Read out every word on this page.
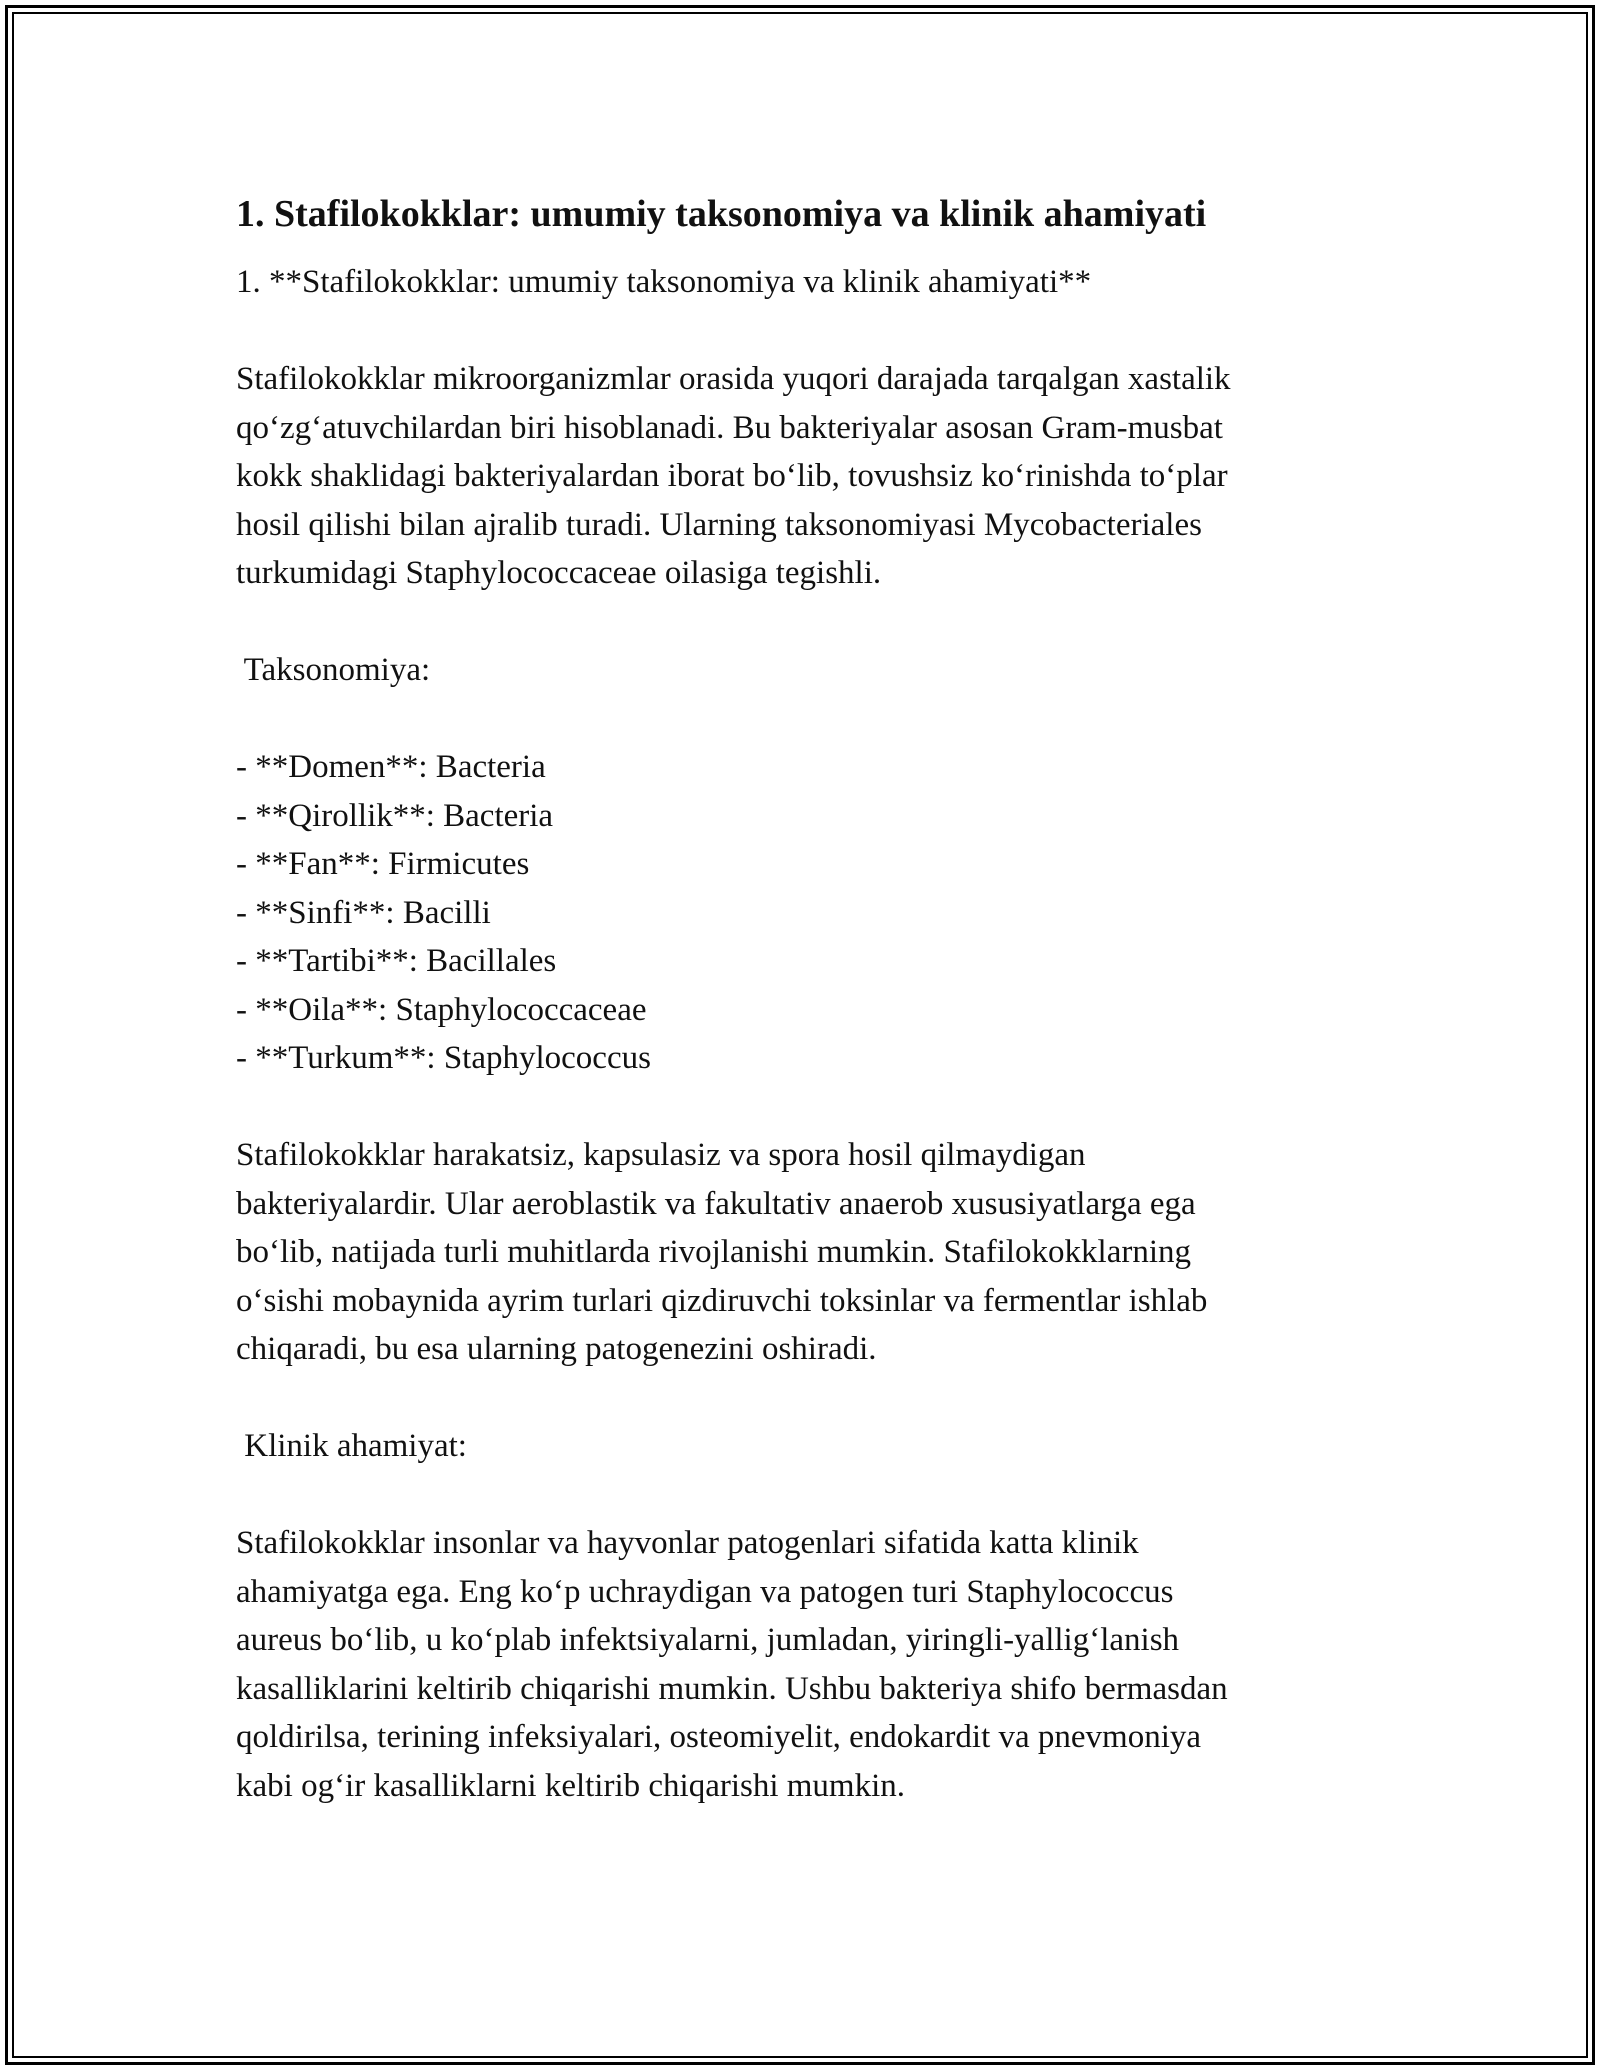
1. Stafilokokklar: umumiy taksonomiya va klinik ahamiyati

1. **Stafilokokklar: umumiy taksonomiya va klinik ahamiyati**

Stafilokokklar mikroorganizmlar orasida yuqori darajada tarqalgan xastalik

qo‘zg‘atuvchilardan biri hisoblanadi. Bu bakteriyalar asosan Gram-musbat

kokk shaklidagi bakteriyalardan iborat bo‘lib, tovushsiz ko‘rinishda to‘plar

hosil qilishi bilan ajralib turadi. Ularning taksonomiyasi Mycobacteriales

turkumidagi Staphylococcaceae oilasiga tegishli.

Taksonomiya:

- **Domen**: Bacteria

- **Qirollik**: Bacteria

- **Fan**: Firmicutes

- **Sinfi**: Bacilli

- **Tartibi**: Bacillales

- **Oila**: Staphylococcaceae

- **Turkum**: Staphylococcus

Stafilokokklar harakatsiz, kapsulasiz va spora hosil qilmaydigan

bakteriyalardir. Ular aeroblastik va fakultativ anaerob xususiyatlarga ega

bo‘lib, natijada turli muhitlarda rivojlanishi mumkin. Stafilokokklarning

o‘sishi mobaynida ayrim turlari qizdiruvchi toksinlar va fermentlar ishlab

chiqaradi, bu esa ularning patogenezini oshiradi.

Klinik ahamiyat:

Stafilokokklar insonlar va hayvonlar patogenlari sifatida katta klinik

ahamiyatga ega. Eng ko‘p uchraydigan va patogen turi Staphylococcus

aureus bo‘lib, u ko‘plab infektsiyalarni, jumladan, yiringli-yallig‘lanish

kasalliklarini keltirib chiqarishi mumkin. Ushbu bakteriya shifo bermasdan

qoldirilsa, terining infeksiyalari, osteomiyelit, endokardit va pnevmoniya

kabi og‘ir kasalliklarni keltirib chiqarishi mumkin.
